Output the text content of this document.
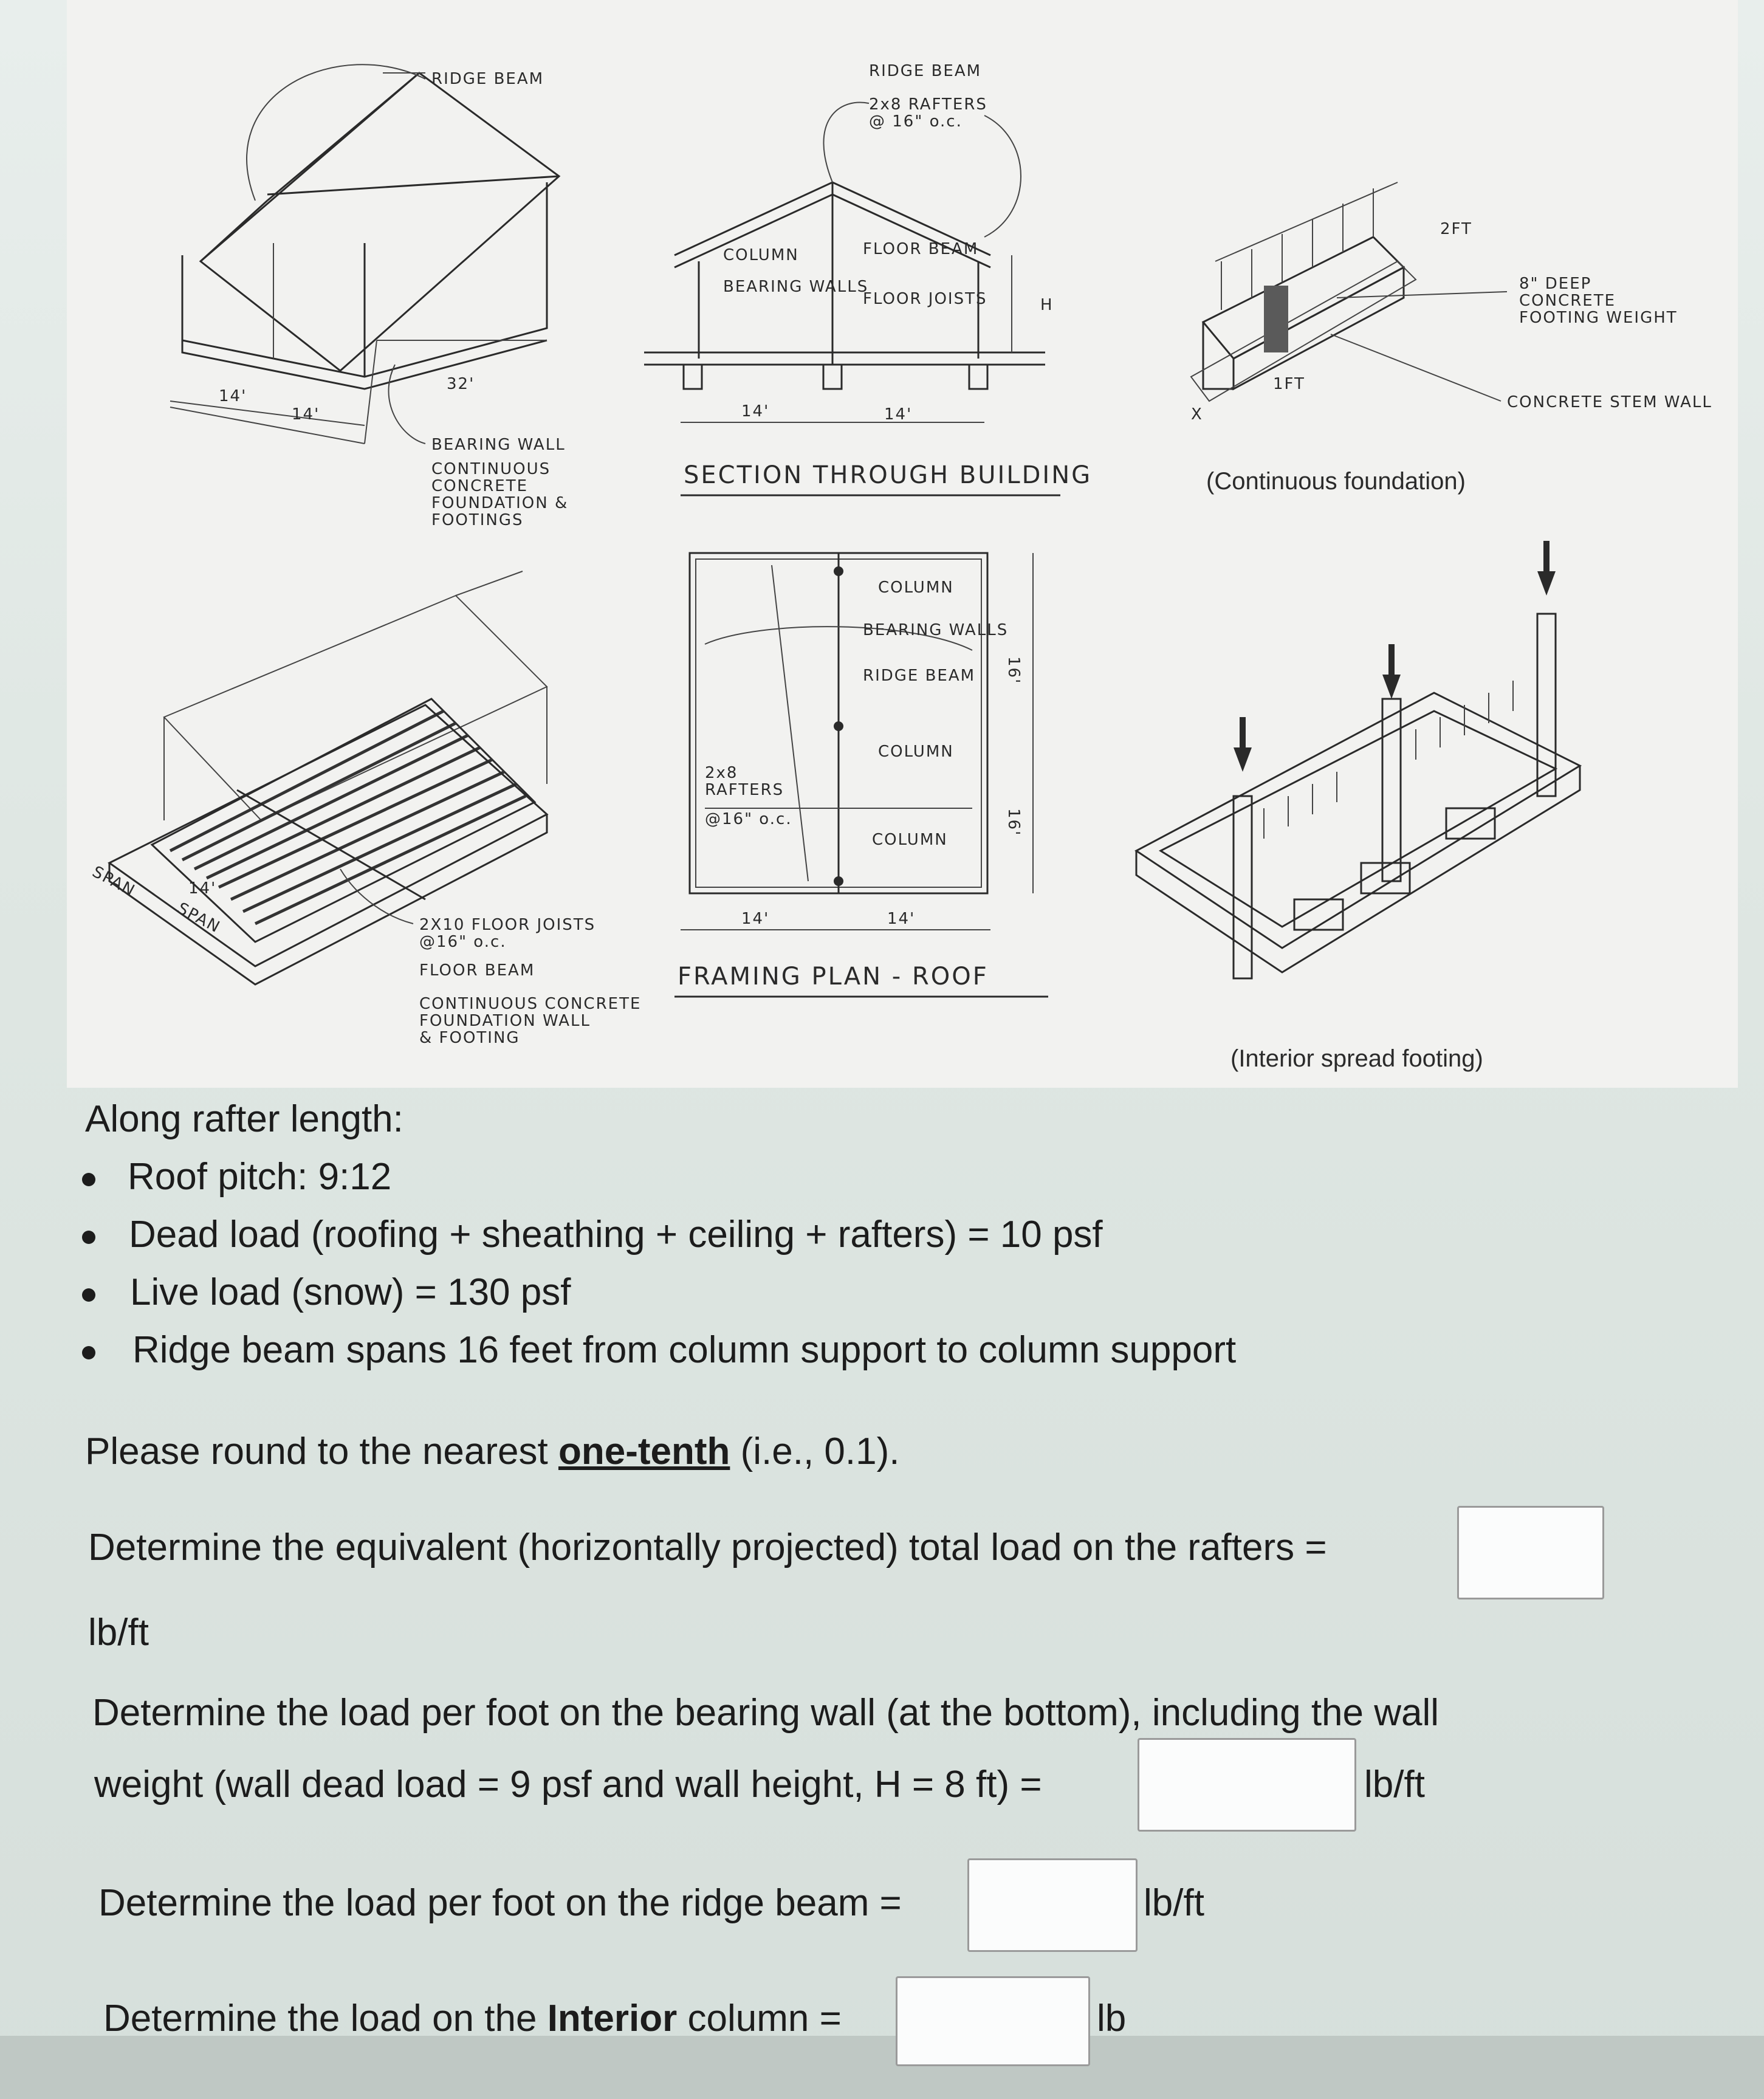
RIDGE BEAM
14'
14'
32'
BEARING WALL
CONTINUOUS
CONCRETE
FOUNDATION &
FOOTINGS
SPAN
SPAN
14'
2X10 FLOOR JOISTS
@16" o.c.
FLOOR BEAM
CONTINUOUS CONCRETE
FOUNDATION WALL
& FOOTING
RIDGE BEAM
2x8 RAFTERS
@ 16" o.c.
COLUMN	FLOOR BEAM
BEARING WALLS
FLOOR JOISTS	H
14'	14'
SECTION THROUGH BUILDING
COLUMN
BEARING WALLS
RIDGE BEAM
COLUMN
2x8
RAFTERS
@16" o.c.
COLUMN
16'
16'
14'	14'
FRAMING PLAN - ROOF
2FT
1FT
X
8" DEEP
CONCRETE
FOOTING WEIGHT
CONCRETE STEM WALL
(Continuous foundation)
(Interior spread footing)
Along rafter length:
Roof pitch: 9:12
Dead load (roofing + sheathing + ceiling + rafters) = 10 psf
Live load (snow) = 130 psf
Ridge beam spans 16 feet from column support to column support
Please round to the nearest one-tenth (i.e., 0.1).
Determine the equivalent (horizontally projected) total load on the rafters =
lb/ft
Determine the load per foot on the bearing wall (at the bottom), including the wall
weight (wall dead load = 9 psf and wall height, H = 8 ft) =	lb/ft
Determine the load per foot on the ridge beam =	lb/ft
Determine the load on the Interior column =	lb
